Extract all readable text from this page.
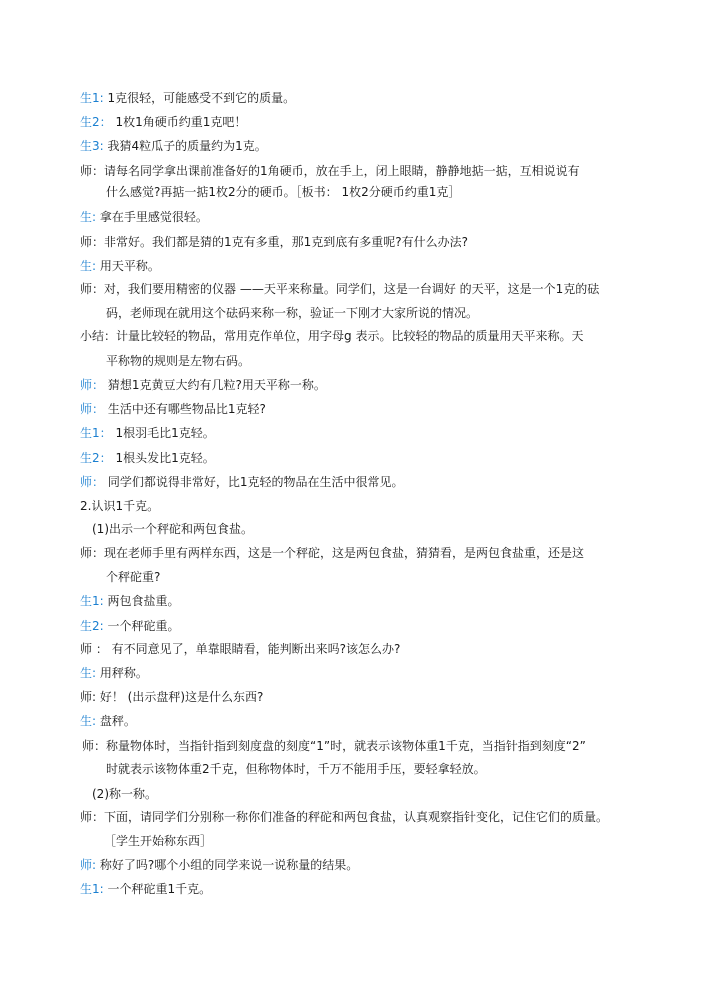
生1: 1克很轻，可能感受不到它的质量。
生2： 1枚1角硬币约重1克吧！
生3: 我猜4粒瓜子的质量约为1克。
师：请每名同学拿出课前准备好的1角硬币，放在手上，闭上眼睛，静静地掂一掂，互相说说有
什么感觉?再掂一掂1枚2分的硬币。［板书： 1枚2分硬币约重1克］
生: 拿在手里感觉很轻。
师：非常好。我们都是猜的1克有多重，那1克到底有多重呢?有什么办法?
生: 用天平称。
师：对，我们要用精密的仪器 ——天平来称量。同学们，这是一台调好 的天平，这是一个1克的砝
码，老师现在就用这个砝码来称一称，验证一下刚才大家所说的情况。
小结：计量比较轻的物品，常用克作单位，用字母g 表示。比较轻的物品的质量用天平来称。天
平称物的规则是左物右码。
师： 猜想1克黄豆大约有几粒?用天平称一称。
师： 生活中还有哪些物品比1克轻?
生1： 1根羽毛比1克轻。
生2： 1根头发比1克轻。
师： 同学们都说得非常好，比1克轻的物品在生活中很常见。
2.认识1千克。
(1)出示一个秤砣和两包食盐。
师：现在老师手里有两样东西，这是一个秤砣，这是两包食盐，猜猜看，是两包食盐重，还是这
个秤砣重?
生1: 两包食盐重。
生2: 一个秤砣重。
师 ： 有不同意见了，单靠眼睛看，能判断出来吗?该怎么办?
生: 用秤称。
师: 好！ (出示盘秤)这是什么东西?
生: 盘秤。
师：称量物体时，当指针指到刻度盘的刻度“1”时，就表示该物体重1千克，当指针指到刻度“2”
时就表示该物体重2千克，但称物体时，千万不能用手压，要轻拿轻放。
(2)称一称。
师：下面，请同学们分别称一称你们准备的秤砣和两包食盐，认真观察指针变化，记住它们的质量。
［学生开始称东西］
师: 称好了吗?哪个小组的同学来说一说称量的结果。
生1: 一个秤砣重1千克。
